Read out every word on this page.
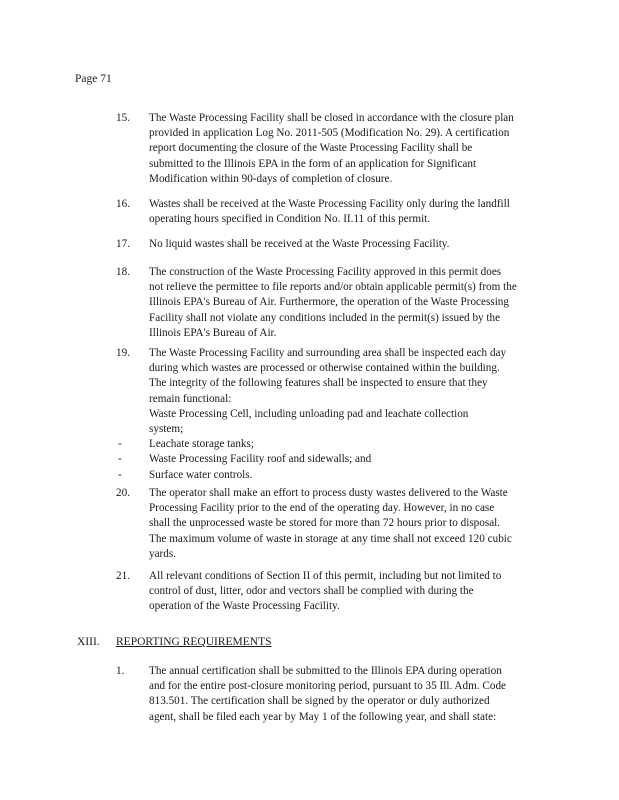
Page 71
15.	The Waste Processing Facility shall be closed in accordance with the closure plan

provided in application Log No. 2011-505 (Modification No. 29). A certification

report documenting the closure of the Waste Processing Facility shall be

submitted to the Illinois EPA in the form of an application for Significant

Modification within 90-days of completion of closure.

16.	Wastes shall be received at the Waste Processing Facility only during the landfill

operating hours specified in Condition No. II.11 of this permit.

17.	No liquid wastes shall be received at the Waste Processing Facility.

18.	The construction of the Waste Processing Facility approved in this permit does

not relieve the permittee to file reports and/or obtain applicable permit(s) from the

Illinois EPA's Bureau of Air. Furthermore, the operation of the Waste Processing

Facility shall not violate any conditions included in the permit(s) issued by the

Illinois EPA's Bureau of Air.

19.	The Waste Processing Facility and surrounding area shall be inspected each day

during which wastes are processed or otherwise contained within the building.

The integrity of the following features shall be inspected to ensure that they

remain functional:

Waste Processing Cell, including unloading pad and leachate collection

system;

-	Leachate storage tanks;

-	Waste Processing Facility roof and sidewalls; and

-	Surface water controls.

20.	The operator shall make an effort to process dusty wastes delivered to the Waste

Processing Facility prior to the end of the operating day. However, in no case

shall the unprocessed waste be stored for more than 72 hours prior to disposal.

The maximum volume of waste in storage at any time shall not exceed 120 cubic

yards.

21.	All relevant conditions of Section II of this permit, including but not limited to

control of dust, litter, odor and vectors shall be complied with during the

operation of the Waste Processing Facility.

XIII. REPORTING REQUIREMENTS
1.	The annual certification shall be submitted to the Illinois EPA during operation

and for the entire post-closure monitoring period, pursuant to 35 Ill. Adm. Code

813.501. The certification shall be signed by the operator or duly authorized

agent, shall be filed each year by May 1 of the following year, and shall state:
